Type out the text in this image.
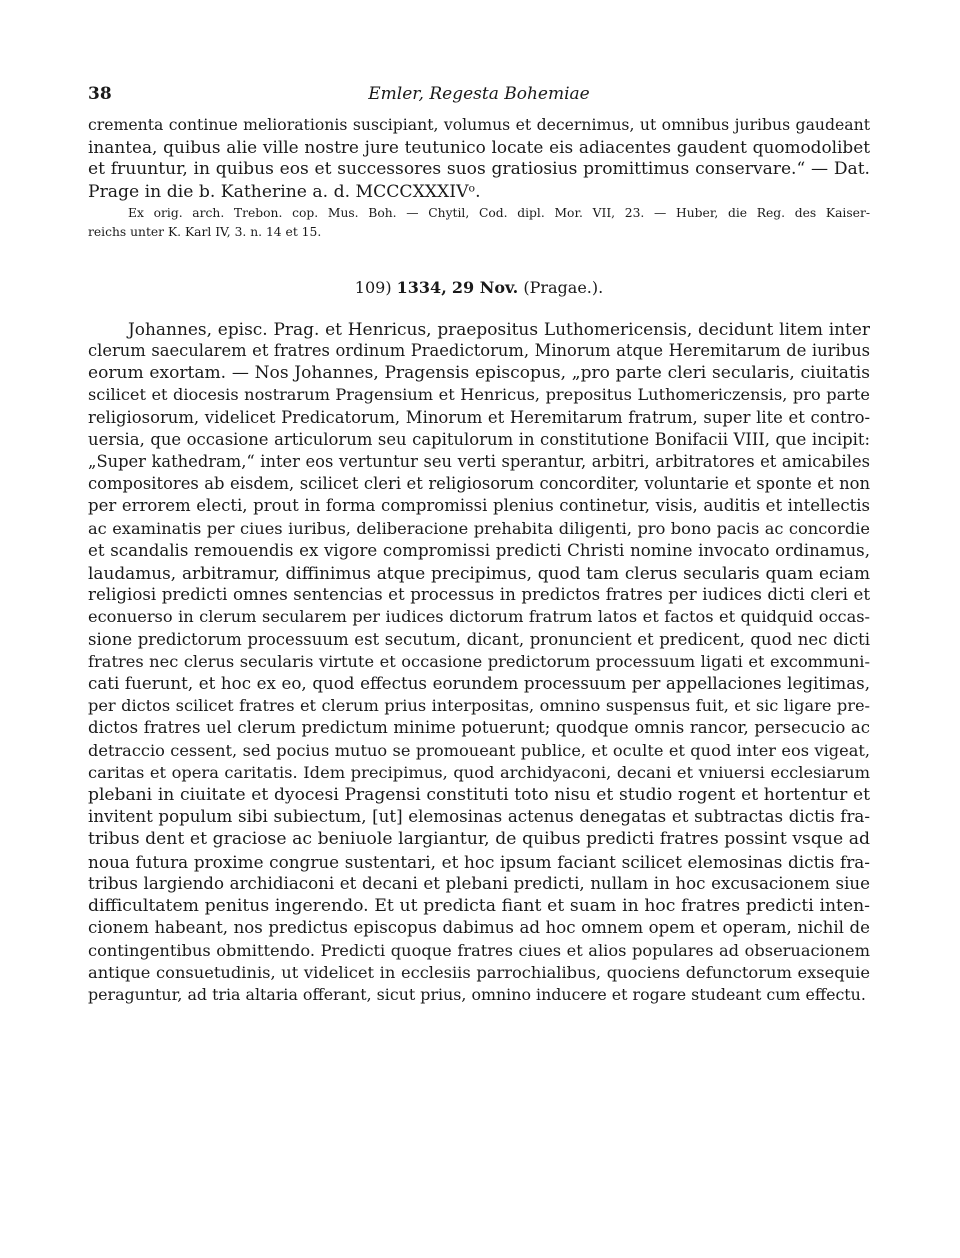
38	Emler, Regesta Bohemiae
crementa continue meliorationis suscipiant, volumus et decernimus, ut omnibus juribus gaudeant
inantea, quibus alie ville nostre jure teutunico locate eis adiacentes gaudent quomodolibet
et fruuntur, in quibus eos et successores suos gratiosius promittimus conservare.“ — Dat.
Prage in die b. Katherine a. d. MCCCXXXIVᵒ.
Ex orig. arch. Trebon. cop. Mus. Boh. — Chytil, Cod. dipl. Mor. VII, 23. — Huber, die Reg. des Kaiser-
reichs unter K. Karl IV, 3. n. 14 et 15.
109) 1334, 29 Nov. (Pragae.).
Johannes, episc. Prag. et Henricus, praepositus Luthomericensis, decidunt litem inter
clerum saecularem et fratres ordinum Praedictorum, Minorum atque Heremitarum de iuribus
eorum exortam. — Nos Johannes, Pragensis episcopus, „pro parte cleri secularis, ciuitatis
scilicet et diocesis nostrarum Pragensium et Henricus, prepositus Luthomericzensis, pro parte
religiosorum, videlicet Predicatorum, Minorum et Heremitarum fratrum, super lite et contro-
uersia, que occasione articulorum seu capitulorum in constitutione Bonifacii VIII, que incipit:
„Super kathedram,“ inter eos vertuntur seu verti sperantur, arbitri, arbitratores et amicabiles
compositores ab eisdem, scilicet cleri et religiosorum concorditer, voluntarie et sponte et non
per errorem electi, prout in forma compromissi plenius continetur, visis, auditis et intellectis
ac examinatis per ciues iuribus, deliberacione prehabita diligenti, pro bono pacis ac concordie
et scandalis remouendis ex vigore compromissi predicti Christi nomine invocato ordinamus,
laudamus, arbitramur, diffinimus atque precipimus, quod tam clerus secularis quam eciam
religiosi predicti omnes sentencias et processus in predictos fratres per iudices dicti cleri et
econuerso in clerum secularem per iudices dictorum fratrum latos et factos et quidquid occas-
sione predictorum processuum est secutum, dicant, pronuncient et predicent, quod nec dicti
fratres nec clerus secularis virtute et occasione predictorum processuum ligati et excommuni-
cati fuerunt, et hoc ex eo, quod effectus eorundem processuum per appellaciones legitimas,
per dictos scilicet fratres et clerum prius interpositas, omnino suspensus fuit, et sic ligare pre-
dictos fratres uel clerum predictum minime potuerunt; quodque omnis rancor, persecucio ac
detraccio cessent, sed pocius mutuo se promoueant publice, et oculte et quod inter eos vigeat,
caritas et opera caritatis. Idem precipimus, quod archidyaconi, decani et vniuersi ecclesiarum
plebani in ciuitate et dyocesi Pragensi constituti toto nisu et studio rogent et hortentur et
invitent populum sibi subiectum, [ut] elemosinas actenus denegatas et subtractas dictis fra-
tribus dent et graciose ac beniuole largiantur, de quibus predicti fratres possint vsque ad
noua futura proxime congrue sustentari, et hoc ipsum faciant scilicet elemosinas dictis fra-
tribus largiendo archidiaconi et decani et plebani predicti, nullam in hoc excusacionem siue
difficultatem penitus ingerendo. Et ut predicta fiant et suam in hoc fratres predicti inten-
cionem habeant, nos predictus episcopus dabimus ad hoc omnem opem et operam, nichil de
contingentibus obmittendo. Predicti quoque fratres ciues et alios populares ad obseruacionem
antique consuetudinis, ut videlicet in ecclesiis parrochialibus, quociens defunctorum exsequie
peraguntur, ad tria altaria offerant, sicut prius, omnino inducere et rogare studeant cum effectu.
